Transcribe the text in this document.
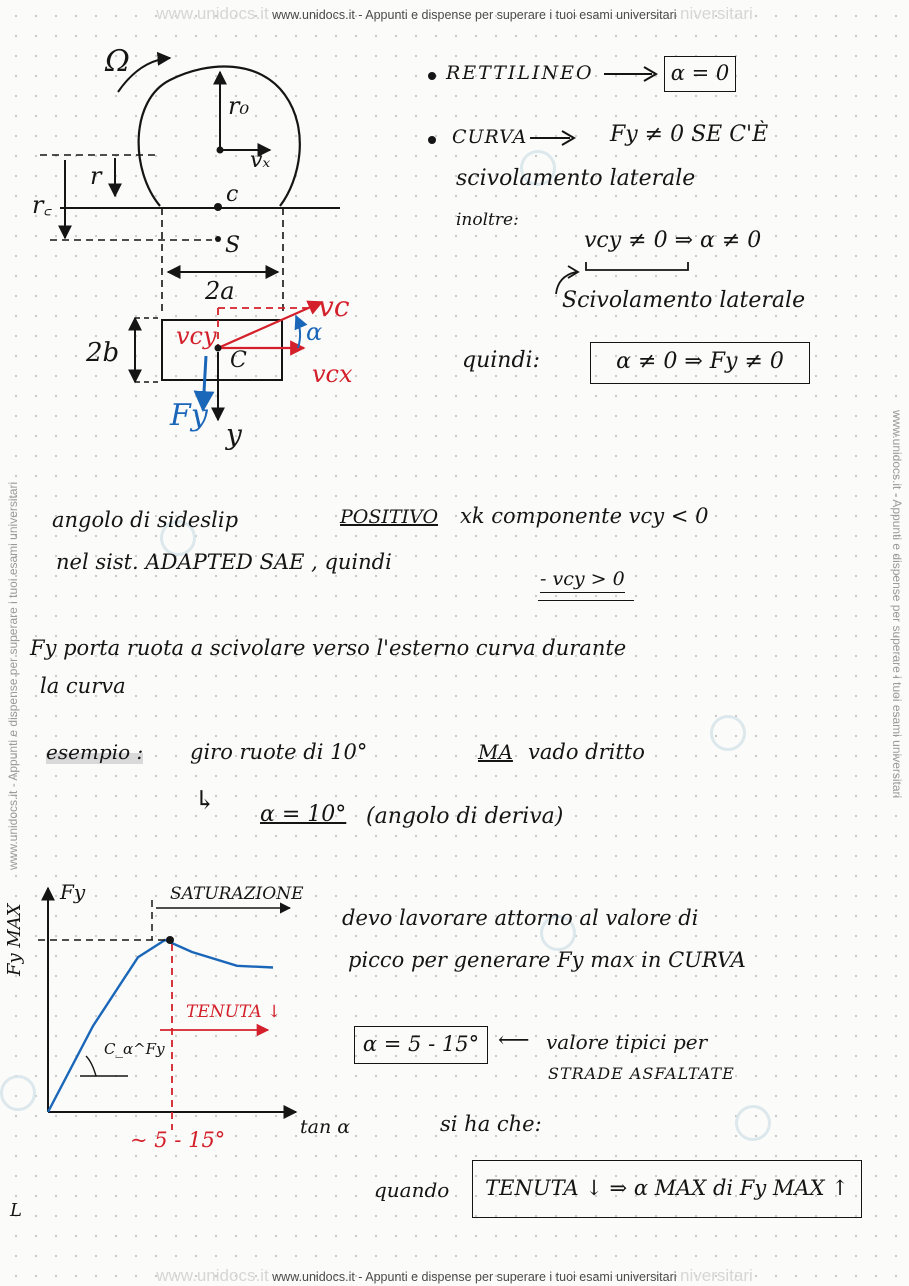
www.unidocs.it www.unidocs.it - Appunti e dispense per superare i tuoi esami universitari niversitari
www.unidocs.it www.unidocs.it - Appunti e dispense per superare i tuoi esami universitari niversitari
www.unidocs.it - Appunti e dispense per superare i tuoi esami universitari	www.unidocs.it - Appunti e dispense per superare i tuoi esami universitari
Ω
r₀
vₓ
r
r꜀	c
S
2a
2b	C
vc
vcy
vcx
α
Fy
y
RETTILINEO	α = 0
CURVA	Fy ≠ 0 SE C'È
scivolamento laterale
inoltre:
vcy ≠ 0 ⇒ α ≠ 0
Scivolamento laterale
quindi:	α ≠ 0 ⇒ Fy ≠ 0
angolo di sideslip	POSITIVO xk componente vcy < 0
nel sist. ADAPTED SAE , quindi
- vcy > 0
Fy porta ruota a scivolare verso l'esterno curva durante
la curva
esempio : giro ruote di 10°	MA vado dritto
↳ α = 10° (angolo di deriva)
Fy
Fy MAX
SATURAZIONE
TENUTA ↓
C_α^Fy
tan α
~ 5 - 15°
devo lavorare attorno al valore di
picco per generare Fy max in CURVA
α = 5 - 15° ⟵ valore tipici per
STRADE ASFALTATE
si ha che:
quando	TENUTA ↓ ⇒ α MAX di Fy MAX ↑
L
